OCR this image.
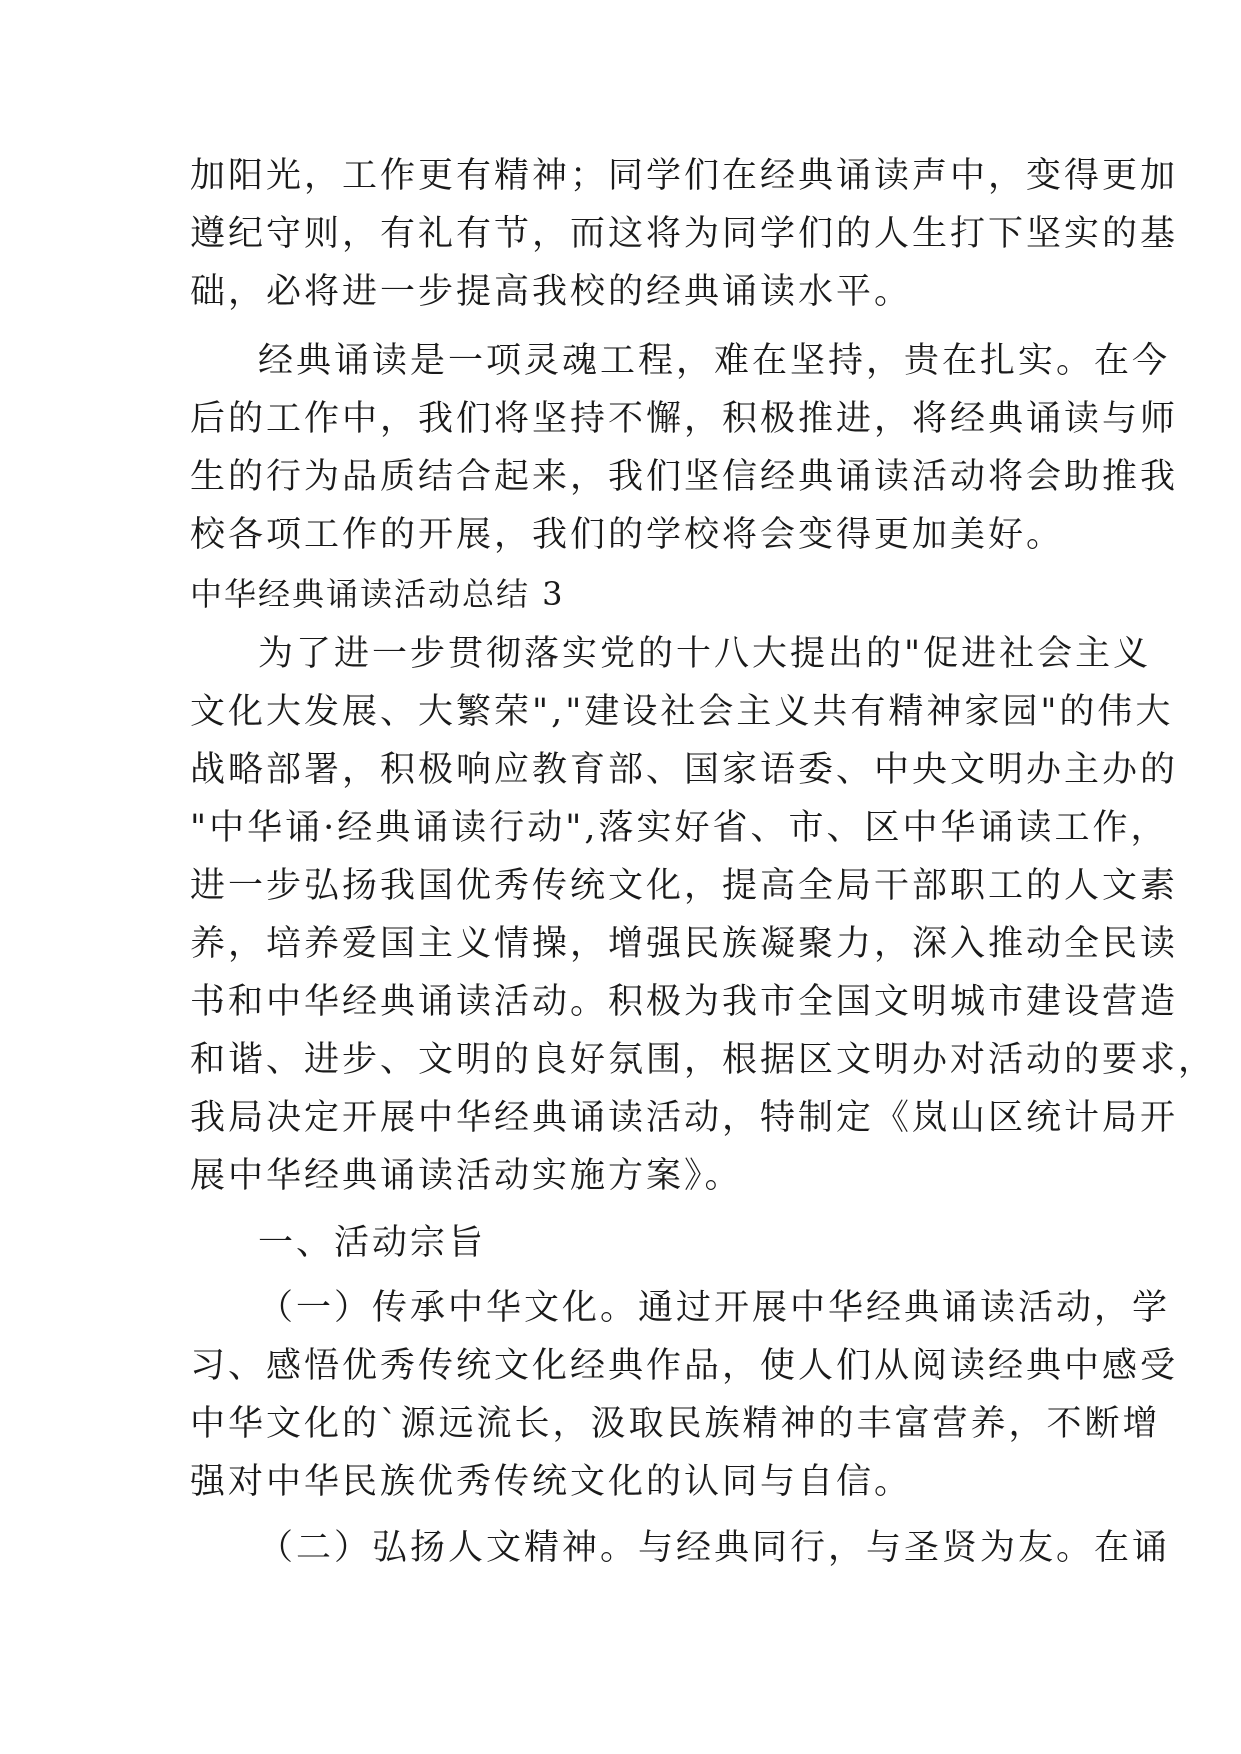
加阳光，工作更有精神；同学们在经典诵读声中，变得更加
遵纪守则，有礼有节，而这将为同学们的人生打下坚实的基
础，必将进一步提高我校的经典诵读水平。
经典诵读是一项灵魂工程，难在坚持，贵在扎实。在今
后的工作中，我们将坚持不懈，积极推进，将经典诵读与师
生的行为品质结合起来，我们坚信经典诵读活动将会助推我
校各项工作的开展，我们的学校将会变得更加美好。
中华经典诵读活动总结 3
为了进一步贯彻落实党的十八大提出的"促进社会主义
文化大发展、大繁荣","建设社会主义共有精神家园"的伟大
战略部署，积极响应教育部、国家语委、中央文明办主办的
"中华诵·经典诵读行动",落实好省、市、区中华诵读工作，
进一步弘扬我国优秀传统文化，提高全局干部职工的人文素
养，培养爱国主义情操，增强民族凝聚力，深入推动全民读
书和中华经典诵读活动。积极为我市全国文明城市建设营造
和谐、进步、文明的良好氛围，根据区文明办对活动的要求，
我局决定开展中华经典诵读活动，特制定《岚山区统计局开
展中华经典诵读活动实施方案》。
一、活动宗旨
（一）传承中华文化。通过开展中华经典诵读活动，学
习、感悟优秀传统文化经典作品，使人们从阅读经典中感受
中华文化的`源远流长，汲取民族精神的丰富营养，不断增
强对中华民族优秀传统文化的认同与自信。
（二）弘扬人文精神。与经典同行，与圣贤为友。在诵
